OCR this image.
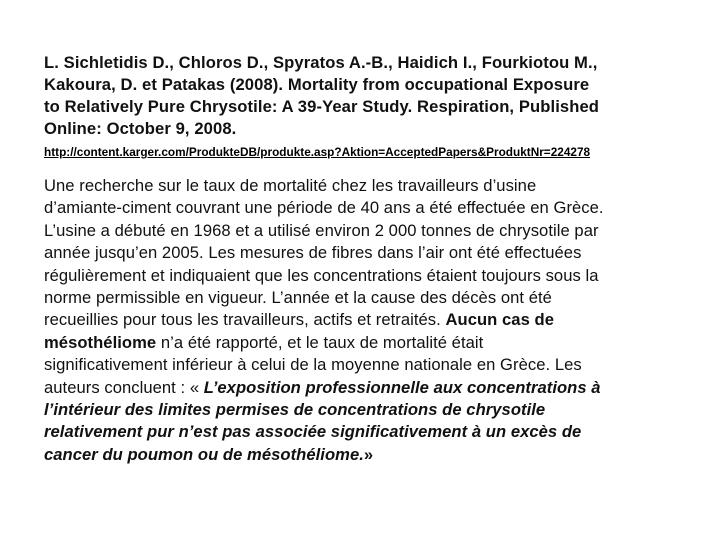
L. Sichletidis D., Chloros D., Spyratos A.-B., Haidich I., Fourkiotou M.,
Kakoura, D. et Patakas (2008). Mortality from occupational Exposure
to Relatively Pure Chrysotile: A 39-Year Study. Respiration, Published
Online: October 9, 2008.

http://content.karger.com/ProdukteDB/produkte.asp?Aktion=AcceptedPapers&ProduktNr=224278

Une recherche sur le taux de mortalité chez les travailleurs d’usine
d’amiante-ciment couvrant une période de 40 ans a été effectuée en Grèce.
L’usine a débuté en 1968 et a utilisé environ 2 000 tonnes de chrysotile par
année jusqu’en 2005. Les mesures de fibres dans l’air ont été effectuées
régulièrement et indiquaient que les concentrations étaient toujours sous la
norme permissible en vigueur. L’année et la cause des décès ont été
recueillies pour tous les travailleurs, actifs et retraités. Aucun cas de
mésothéliome n’a été rapporté, et le taux de mortalité était
significativement inférieur à celui de la moyenne nationale en Grèce. Les
auteurs concluent : « L’exposition professionnelle aux concentrations à
l’intérieur des limites permises de concentrations de chrysotile
relativement pur n’est pas associée significativement à un excès de
cancer du poumon ou de mésothéliome.»
